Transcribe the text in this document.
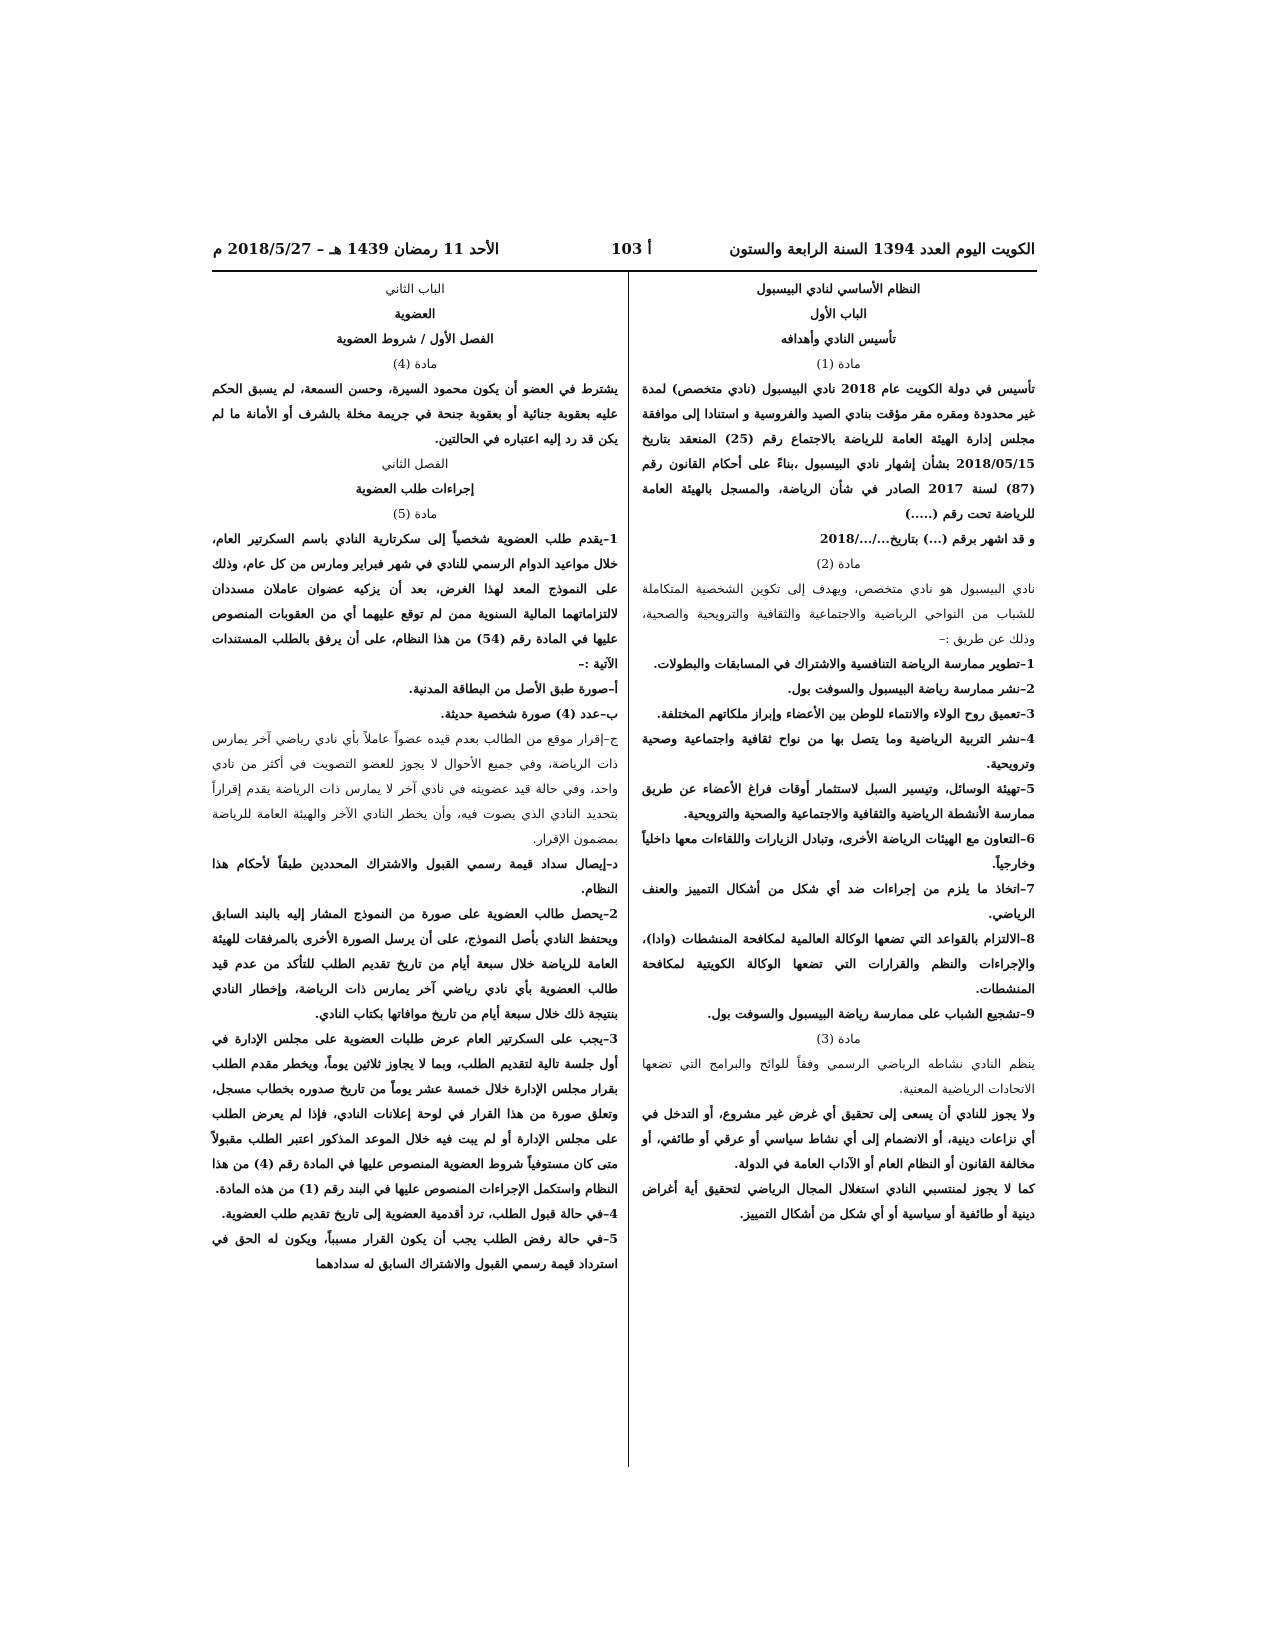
الكويت اليوم العدد 1394 السنة الرابعة والستون
أ 103
الأحد 11 رمضان 1439 هـ – 2018/5/27 م

النظام الأساسي لنادي البيسبول

الباب الأول

تأسيس النادي وأهدافه

مادة (1)

تأسيس في دولة الكويت عام 2018 نادي البيسبول (نادي متخصص) لمدة غير محدودة ومقره مقر مؤقت بنادي الصيد والفروسية و استنادا إلى موافقة مجلس إدارة الهيئة العامة للرياضة بالاجتماع رقم (25) المنعقد بتاريخ 2018/05/15 بشأن إشهار نادي البيسبول ،بناءً على أحكام القانون رقم (87) لسنة 2017 الصادر في شأن الرياضة، والمسجل بالهيئة العامة للرياضة تحت رقم (.....)

و قد اشهر برقم (...) بتاريخ.../.../2018

مادة (2)

نادي البيسبول هو نادي متخصص، ويهدف إلى تكوين الشخصية المتكاملة للشباب من النواحي الرياضية والاجتماعية والثقافية والترويحية والصحية، وذلك عن طريق :–

1–تطوير ممارسة الرياضة التنافسية والاشتراك في المسابقات والبطولات.

2–نشر ممارسة رياضة البيسبول والسوفت بول.

3–تعميق روح الولاء والانتماء للوطن بين الأعضاء وإبراز ملكاتهم المختلفة.

4–نشر التربية الرياضية وما يتصل بها من نواح ثقافية واجتماعية وصحية وترويحية.

5–تهيئة الوسائل، وتيسير السبل لاستثمار أوقات فراغ الأعضاء عن طريق ممارسة الأنشطة الرياضية والثقافية والاجتماعية والصحية والترويحية.

6–التعاون مع الهيئات الرياضة الأخرى، وتبادل الزيارات واللقاءات معها داخلياً وخارجياً.

7–اتخاذ ما يلزم من إجراءات ضد أي شكل من أشكال التمييز والعنف الرياضي.

8–الالتزام بالقواعد التي تضعها الوكالة العالمية لمكافحة المنشطات (وادا)، والإجراءات والنظم والقرارات التي تضعها الوكالة الكويتية لمكافحة المنشطات.

9–تشجيع الشباب على ممارسة رياضة البيسبول والسوفت بول.

مادة (3)

ينظم النادي نشاطه الرياضي الرسمي وفقاً للوائح والبرامج التي تضعها الاتحادات الرياضية المعنية.

ولا يجوز للنادي أن يسعى إلى تحقيق أي غرض غير مشروع، أو التدخل في أي نزاعات دينية، أو الانضمام إلى أي نشاط سياسي أو عرقي أو طائفي، أو مخالفة القانون أو النظام العام أو الآداب العامة في الدولة.

كما لا يجوز لمنتسبي النادي استغلال المجال الرياضي لتحقيق أية أغراض دينية أو طائفية أو سياسية أو أي شكل من أشكال التمييز.

الباب الثاني

العضوية

الفصل الأول / شروط العضوية

مادة (4)

يشترط في العضو أن يكون محمود السيرة، وحسن السمعة، لم يسبق الحكم عليه بعقوبة جنائية أو بعقوبة جنحة في جريمة مخلة بالشرف أو الأمانة ما لم يكن قد رد إليه اعتباره في الحالتين.

الفصل الثاني

إجراءات طلب العضوية

مادة (5)

1–يقدم طلب العضوية شخصياً إلى سكرتارية النادي باسم السكرتير العام، خلال مواعيد الدوام الرسمي للنادي في شهر فبراير ومارس من كل عام، وذلك على النموذج المعد لهذا الغرض، بعد أن يزكيه عضوان عاملان مسددان لالتزاماتهما المالية السنوية ممن لم توقع عليهما أي من العقوبات المنصوص عليها في المادة رقم (54) من هذا النظام، على أن يرفق بالطلب المستندات الآتية :–

أ–صورة طبق الأصل من البطاقة المدنية.

ب–عدد (4) صورة شخصية حديثة.

ج–إقرار موقع من الطالب بعدم قيده عضواً عاملاً بأي نادي رياضي آخر يمارس ذات الرياضة، وفي جميع الأحوال لا يجوز للعضو التصويت في أكثر من نادي واحد، وفي حالة قيد عضويته في نادي آخر لا يمارس ذات الرياضة يقدم إقراراً بتحديد النادي الذي يصوت فيه، وأن يخطر النادي الآخر والهيئة العامة للرياضة بمضمون الإقرار.

د–إيصال سداد قيمة رسمي القبول والاشتراك المحددين طبقاً لأحكام هذا النظام.

2–يحصل طالب العضوية على صورة من النموذج المشار إليه بالبند السابق ويحتفظ النادي بأصل النموذج، على أن يرسل الصورة الأخرى بالمرفقات للهيئة العامة للرياضة خلال سبعة أيام من تاريخ تقديم الطلب للتأكد من عدم قيد طالب العضوية بأي نادي رياضي آخر يمارس ذات الرياضة، وإخطار النادي بنتيجة ذلك خلال سبعة أيام من تاريخ موافاتها بكتاب النادي.

3–يجب على السكرتير العام عرض طلبات العضوية على مجلس الإدارة في أول جلسة تالية لتقديم الطلب، وبما لا يجاوز ثلاثين يوماً، ويخطر مقدم الطلب بقرار مجلس الإدارة خلال خمسة عشر يوماً من تاريخ صدوره بخطاب مسجل، وتعلق صورة من هذا القرار في لوحة إعلانات النادي، فإذا لم يعرض الطلب على مجلس الإدارة أو لم يبت فيه خلال الموعد المذكور اعتبر الطلب مقبولاً متى كان مستوفياً شروط العضوية المنصوص عليها في المادة رقم (4) من هذا النظام واستكمل الإجراءات المنصوص عليها في البند رقم (1) من هذه المادة.

4–في حالة قبول الطلب، ترد أقدمية العضوية إلى تاريخ تقديم طلب العضوية.

5–في حالة رفض الطلب يجب أن يكون القرار مسبباً، ويكون له الحق في استرداد قيمة رسمي القبول والاشتراك السابق له سدادهما
